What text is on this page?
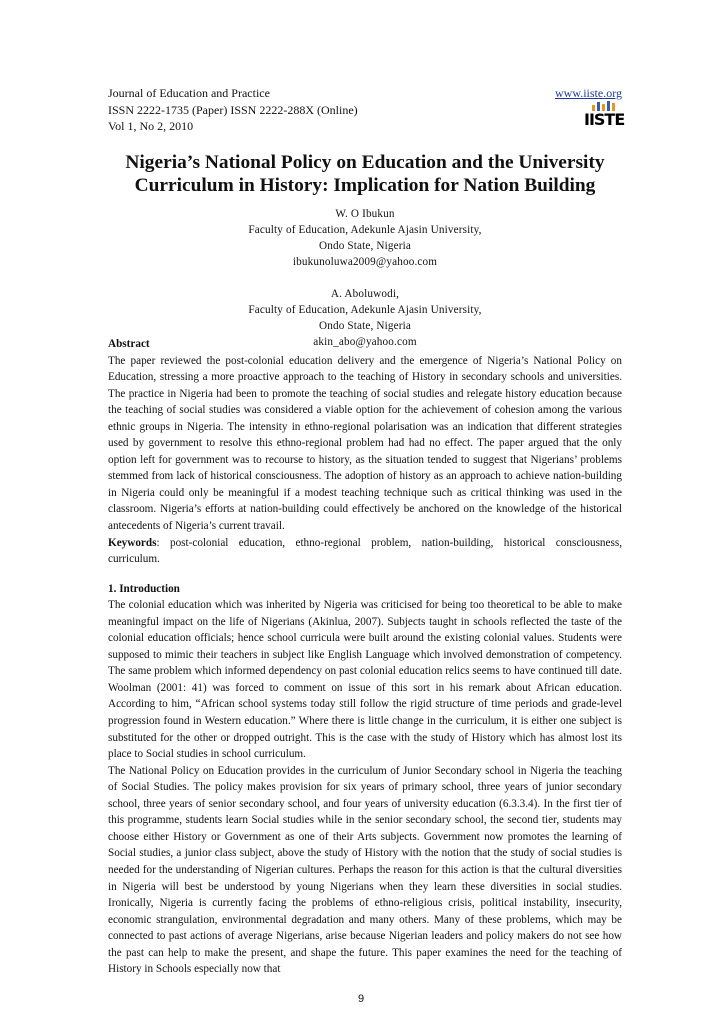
Journal of Education and Practice
ISSN 2222-1735 (Paper) ISSN 2222-288X (Online)
Vol 1, No 2, 2010
www.iiste.org
IISTE
Nigeria’s National Policy on Education and the University
Curriculum in History: Implication for Nation Building
W. O Ibukun
Faculty of Education, Adekunle Ajasin University,
Ondo State, Nigeria
ibukunoluwa2009@yahoo.com
A. Aboluwodi,
Faculty of Education, Adekunle Ajasin University,
Ondo State, Nigeria
akin_abo@yahoo.com

Abstract

The paper reviewed the post-colonial education delivery and the emergence of Nigeria’s National Policy on Education, stressing a more proactive approach to the teaching of History in secondary schools and universities. The practice in Nigeria had been to promote the teaching of social studies and relegate history education because the teaching of social studies was considered a viable option for the achievement of cohesion among the various ethnic groups in Nigeria. The intensity in ethno-regional polarisation was an indication that different strategies used by government to resolve this ethno-regional problem had had no effect. The paper argued that the only option left for government was to recourse to history, as the situation tended to suggest that Nigerians’ problems stemmed from lack of historical consciousness. The adoption of history as an approach to achieve nation-building in Nigeria could only be meaningful if a modest teaching technique such as critical thinking was used in the classroom. Nigeria’s efforts at nation-building could effectively be anchored on the knowledge of the historical antecedents of Nigeria’s current travail.

Keywords: post-colonial education, ethno-regional problem, nation-building, historical consciousness, curriculum.

1. Introduction

The colonial education which was inherited by Nigeria was criticised for being too theoretical to be able to make meaningful impact on the life of Nigerians (Akinlua, 2007). Subjects taught in schools reflected the taste of the colonial education officials; hence school curricula were built around the existing colonial values. Students were supposed to mimic their teachers in subject like English Language which involved demonstration of competency. The same problem which informed dependency on past colonial education relics seems to have continued till date. Woolman (2001: 41) was forced to comment on issue of this sort in his remark about African education. According to him, “African school systems today still follow the rigid structure of time periods and grade-level progression found in Western education.” Where there is little change in the curriculum, it is either one subject is substituted for the other or dropped outright. This is the case with the study of History which has almost lost its place to Social studies in school curriculum.

The National Policy on Education provides in the curriculum of Junior Secondary school in Nigeria the teaching of Social Studies. The policy makes provision for six years of primary school, three years of junior secondary school, three years of senior secondary school, and four years of university education (6.3.3.4). In the first tier of this programme, students learn Social studies while in the senior secondary school, the second tier, students may choose either History or Government as one of their Arts subjects. Government now promotes the learning of Social studies, a junior class subject, above the study of History with the notion that the study of social studies is needed for the understanding of Nigerian cultures. Perhaps the reason for this action is that the cultural diversities in Nigeria will best be understood by young Nigerians when they learn these diversities in social studies. Ironically, Nigeria is currently facing the problems of ethno-religious crisis, political instability, insecurity, economic strangulation, environmental degradation and many others. Many of these problems, which may be connected to past actions of average Nigerians, arise because Nigerian leaders and policy makers do not see how the past can help to make the present, and shape the future. This paper examines the need for the teaching of History in Schools especially now that

9
